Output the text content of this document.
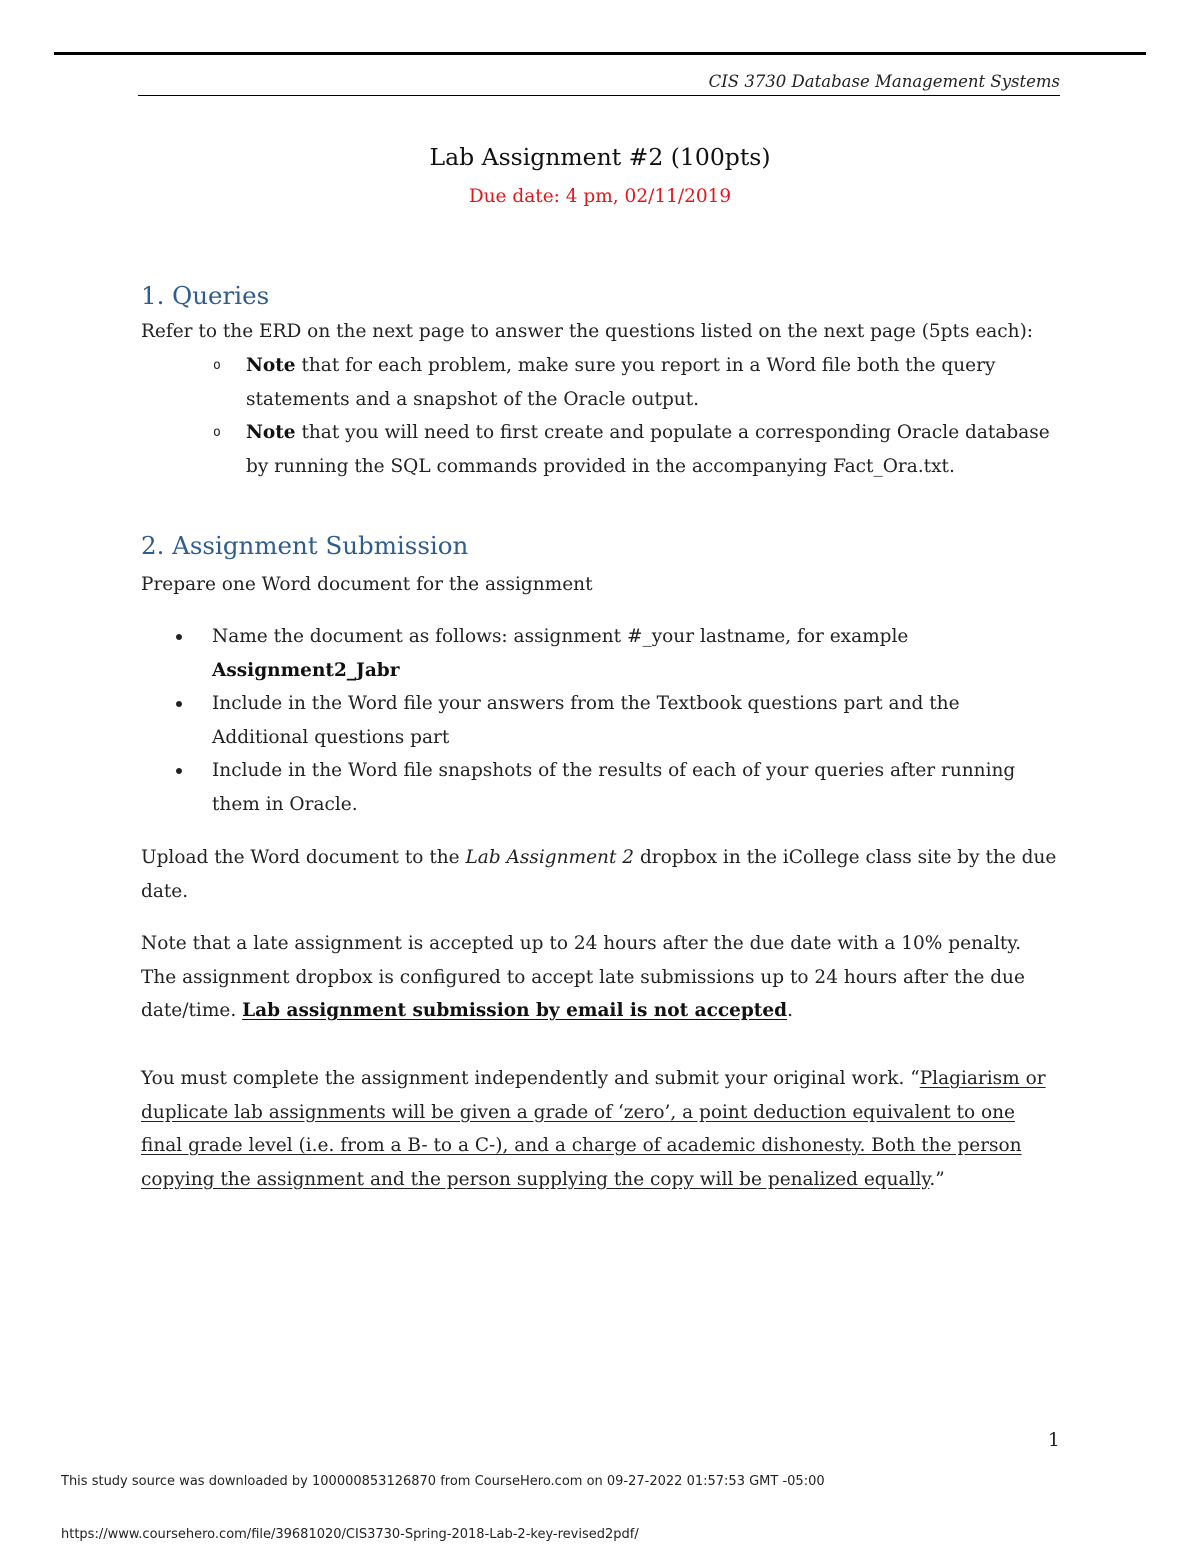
CIS 3730 Database Management Systems
Lab Assignment #2 (100pts)
Due date: 4 pm, 02/11/2019
1. Queries

Refer to the ERD on the next page to answer the questions listed on the next page (5pts each):

o Note that for each problem, make sure you report in a Word file both the query statements and a snapshot of the Oracle output.
o Note that you will need to first create and populate a corresponding Oracle database by running the SQL commands provided in the accompanying Fact_Ora.txt.
2. Assignment Submission

Prepare one Word document for the assignment

Name the document as follows: assignment #_your lastname, for example Assignment2_Jabr
Include in the Word file your answers from the Textbook questions part and the Additional questions part
Include in the Word file snapshots of the results of each of your queries after running them in Oracle.

Upload the Word document to the Lab Assignment 2 dropbox in the iCollege class site by the due date.

Note that a late assignment is accepted up to 24 hours after the due date with a 10% penalty. The assignment dropbox is configured to accept late submissions up to 24 hours after the due date/time. Lab assignment submission by email is not accepted.

You must complete the assignment independently and submit your original work. “Plagiarism or duplicate lab assignments will be given a grade of ‘zero’, a point deduction equivalent to one final grade level (i.e. from a B- to a C-), and a charge of academic dishonesty. Both the person copying the assignment and the person supplying the copy will be penalized equally.”

1
This study source was downloaded by 100000853126870 from CourseHero.com on 09-27-2022 01:57:53 GMT -05:00
https://www.coursehero.com/file/39681020/CIS3730-Spring-2018-Lab-2-key-revised2pdf/
